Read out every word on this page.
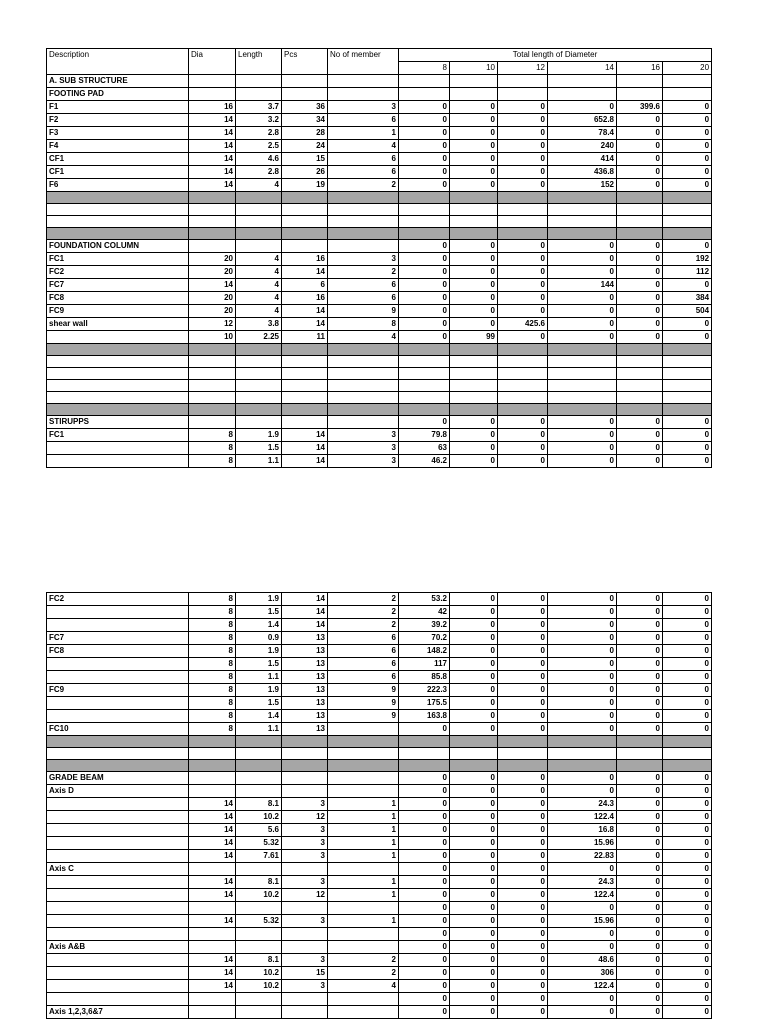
Description	Dia	Length	Pcs	No of member	Total length of Diameter					
					8	10	12	14	16	20
A. SUB STRUCTURE										
FOOTING PAD										
F1	16	3.7	36	3	0	0	0	0	399.6	0
F2	14	3.2	34	6	0	0	0	652.8	0	0
F3	14	2.8	28	1	0	0	0	78.4	0	0
F4	14	2.5	24	4	0	0	0	240	0	0
CF1	14	4.6	15	6	0	0	0	414	0	0
CF1	14	2.8	26	6	0	0	0	436.8	0	0
F6	14	4	19	2	0	0	0	152	0	0

FOUNDATION COLUMN					0	0	0	0	0	0
FC1	20	4	16	3	0	0	0	0	0	192
FC2	20	4	14	2	0	0	0	0	0	112
FC7	14	4	6	6	0	0	0	144	0	0
FC8	20	4	16	6	0	0	0	0	0	384
FC9	20	4	14	9	0	0	0	0	0	504
shear wall	12	3.8	14	8	0	0	425.6	0	0	0
	10	2.25	11	4	0	99	0	0	0	0

STIRUPPS					0	0	0	0	0	0
FC1	8	1.9	14	3	79.8	0	0	0	0	0
	8	1.5	14	3	63	0	0	0	0	0
	8	1.1	14	3	46.2	0	0	0	0	0
FC2	8	1.9	14	2	53.2	0	0	0	0	0
	8	1.5	14	2	42	0	0	0	0	0
	8	1.4	14	2	39.2	0	0	0	0	0
FC7	8	0.9	13	6	70.2	0	0	0	0	0
FC8	8	1.9	13	6	148.2	0	0	0	0	0
	8	1.5	13	6	117	0	0	0	0	0
	8	1.1	13	6	85.8	0	0	0	0	0
FC9	8	1.9	13	9	222.3	0	0	0	0	0
	8	1.5	13	9	175.5	0	0	0	0	0
	8	1.4	13	9	163.8	0	0	0	0	0
FC10	8	1.1	13		0	0	0	0	0	0

GRADE BEAM					0	0	0	0	0	0
Axis D					0	0	0	0	0	0
	14	8.1	3	1	0	0	0	24.3	0	0
	14	10.2	12	1	0	0	0	122.4	0	0
	14	5.6	3	1	0	0	0	16.8	0	0
	14	5.32	3	1	0	0	0	15.96	0	0
	14	7.61	3	1	0	0	0	22.83	0	0
Axis C					0	0	0	0	0	0
	14	8.1	3	1	0	0	0	24.3	0	0
	14	10.2	12	1	0	0	0	122.4	0	0
					0	0	0	0	0	0
	14	5.32	3	1	0	0	0	15.96	0	0
					0	0	0	0	0	0
Axis A&B					0	0	0	0	0	0
	14	8.1	3	2	0	0	0	48.6	0	0
	14	10.2	15	2	0	0	0	306	0	0
	14	10.2	3	4	0	0	0	122.4	0	0
					0	0	0	0	0	0
Axis 1,2,3,6&7					0	0	0	0	0	0
